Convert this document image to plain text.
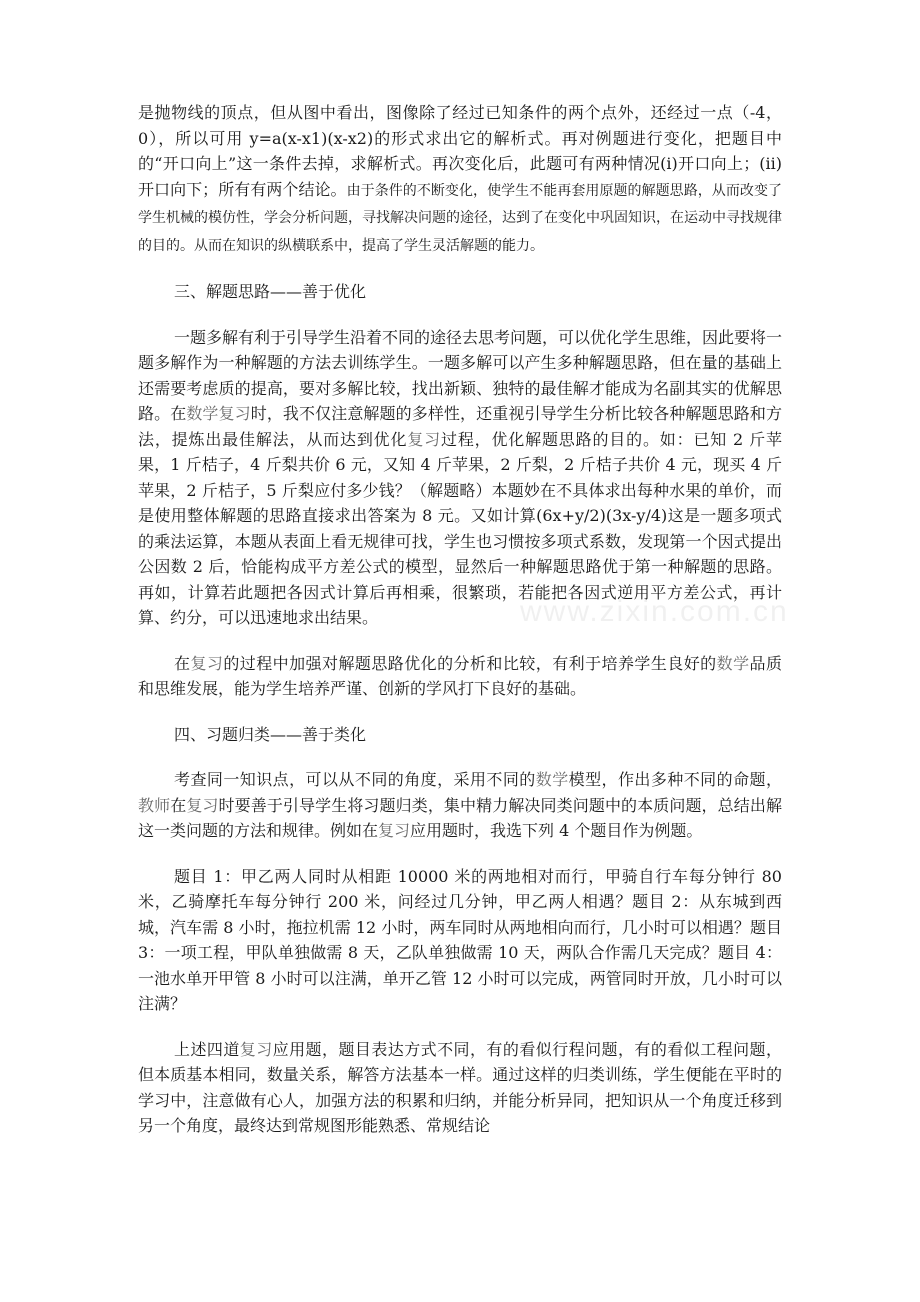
是抛物线的顶点，但从图中看出，图像除了经过已知条件的两个点外，还经过一点（-4，0），所以可用 y=a(x-x1)(x-x2)的形式求出它的解析式。再对例题进行变化，把题目中的“开口向上”这一条件去掉，求解析式。再次变化后，此题可有两种情况(i)开口向上；(ii)开口向下；所有有两个结论。由于条件的不断变化，使学生不能再套用原题的解题思路，从而改变了学生机械的模仿性，学会分析问题，寻找解决问题的途径，达到了在变化中巩固知识，在运动中寻找规律的目的。从而在知识的纵横联系中，提高了学生灵活解题的能力。

三、解题思路——善于优化

一题多解有利于引导学生沿着不同的途径去思考问题，可以优化学生思维，因此要将一题多解作为一种解题的方法去训练学生。一题多解可以产生多种解题思路，但在量的基础上还需要考虑质的提高，要对多解比较，找出新颖、独特的最佳解才能成为名副其实的优解思路。在数学复习时，我不仅注意解题的多样性，还重视引导学生分析比较各种解题思路和方法，提炼出最佳解法，从而达到优化复习过程，优化解题思路的目的。如：已知 2 斤苹果，1 斤桔子，4 斤梨共价 6 元，又知 4 斤苹果，2 斤梨，2 斤桔子共价 4 元，现买 4 斤苹果，2 斤桔子，5 斤梨应付多少钱？（解题略）本题妙在不具体求出每种水果的单价，而是使用整体解题的思路直接求出答案为 8 元。又如计算(6x+y/2)(3x-y/4)这是一题多项式的乘法运算，本题从表面上看无规律可找，学生也习惯按多项式系数，发现第一个因式提出公因数 2 后，恰能构成平方差公式的模型，显然后一种解题思路优于第一种解题的思路。再如，计算若此题把各因式计算后再相乘，很繁琐，若能把各因式逆用平方差公式，再计算、约分，可以迅速地求出结果。

在复习的过程中加强对解题思路优化的分析和比较，有利于培养学生良好的数学品质和思维发展，能为学生培养严谨、创新的学风打下良好的基础。

四、习题归类——善于类化

考查同一知识点，可以从不同的角度，采用不同的数学模型，作出多种不同的命题，教师在复习时要善于引导学生将习题归类，集中精力解决同类问题中的本质问题，总结出解这一类问题的方法和规律。例如在复习应用题时，我选下列 4 个题目作为例题。

题目 1：甲乙两人同时从相距 10000 米的两地相对而行，甲骑自行车每分钟行 80 米，乙骑摩托车每分钟行 200 米，问经过几分钟，甲乙两人相遇？题目 2：从东城到西城，汽车需 8 小时，拖拉机需 12 小时，两车同时从两地相向而行，几小时可以相遇？题目 3：一项工程，甲队单独做需 8 天，乙队单独做需 10 天，两队合作需几天完成？题目 4：一池水单开甲管 8 小时可以注满，单开乙管 12 小时可以完成，两管同时开放，几小时可以注满？

上述四道复习应用题，题目表达方式不同，有的看似行程问题，有的看似工程问题，但本质基本相同，数量关系，解答方法基本一样。通过这样的归类训练，学生便能在平时的学习中，注意做有心人，加强方法的积累和归纳，并能分析异同，把知识从一个角度迁移到另一个角度，最终达到常规图形能熟悉、常规结论

www.zixin.com.cn
